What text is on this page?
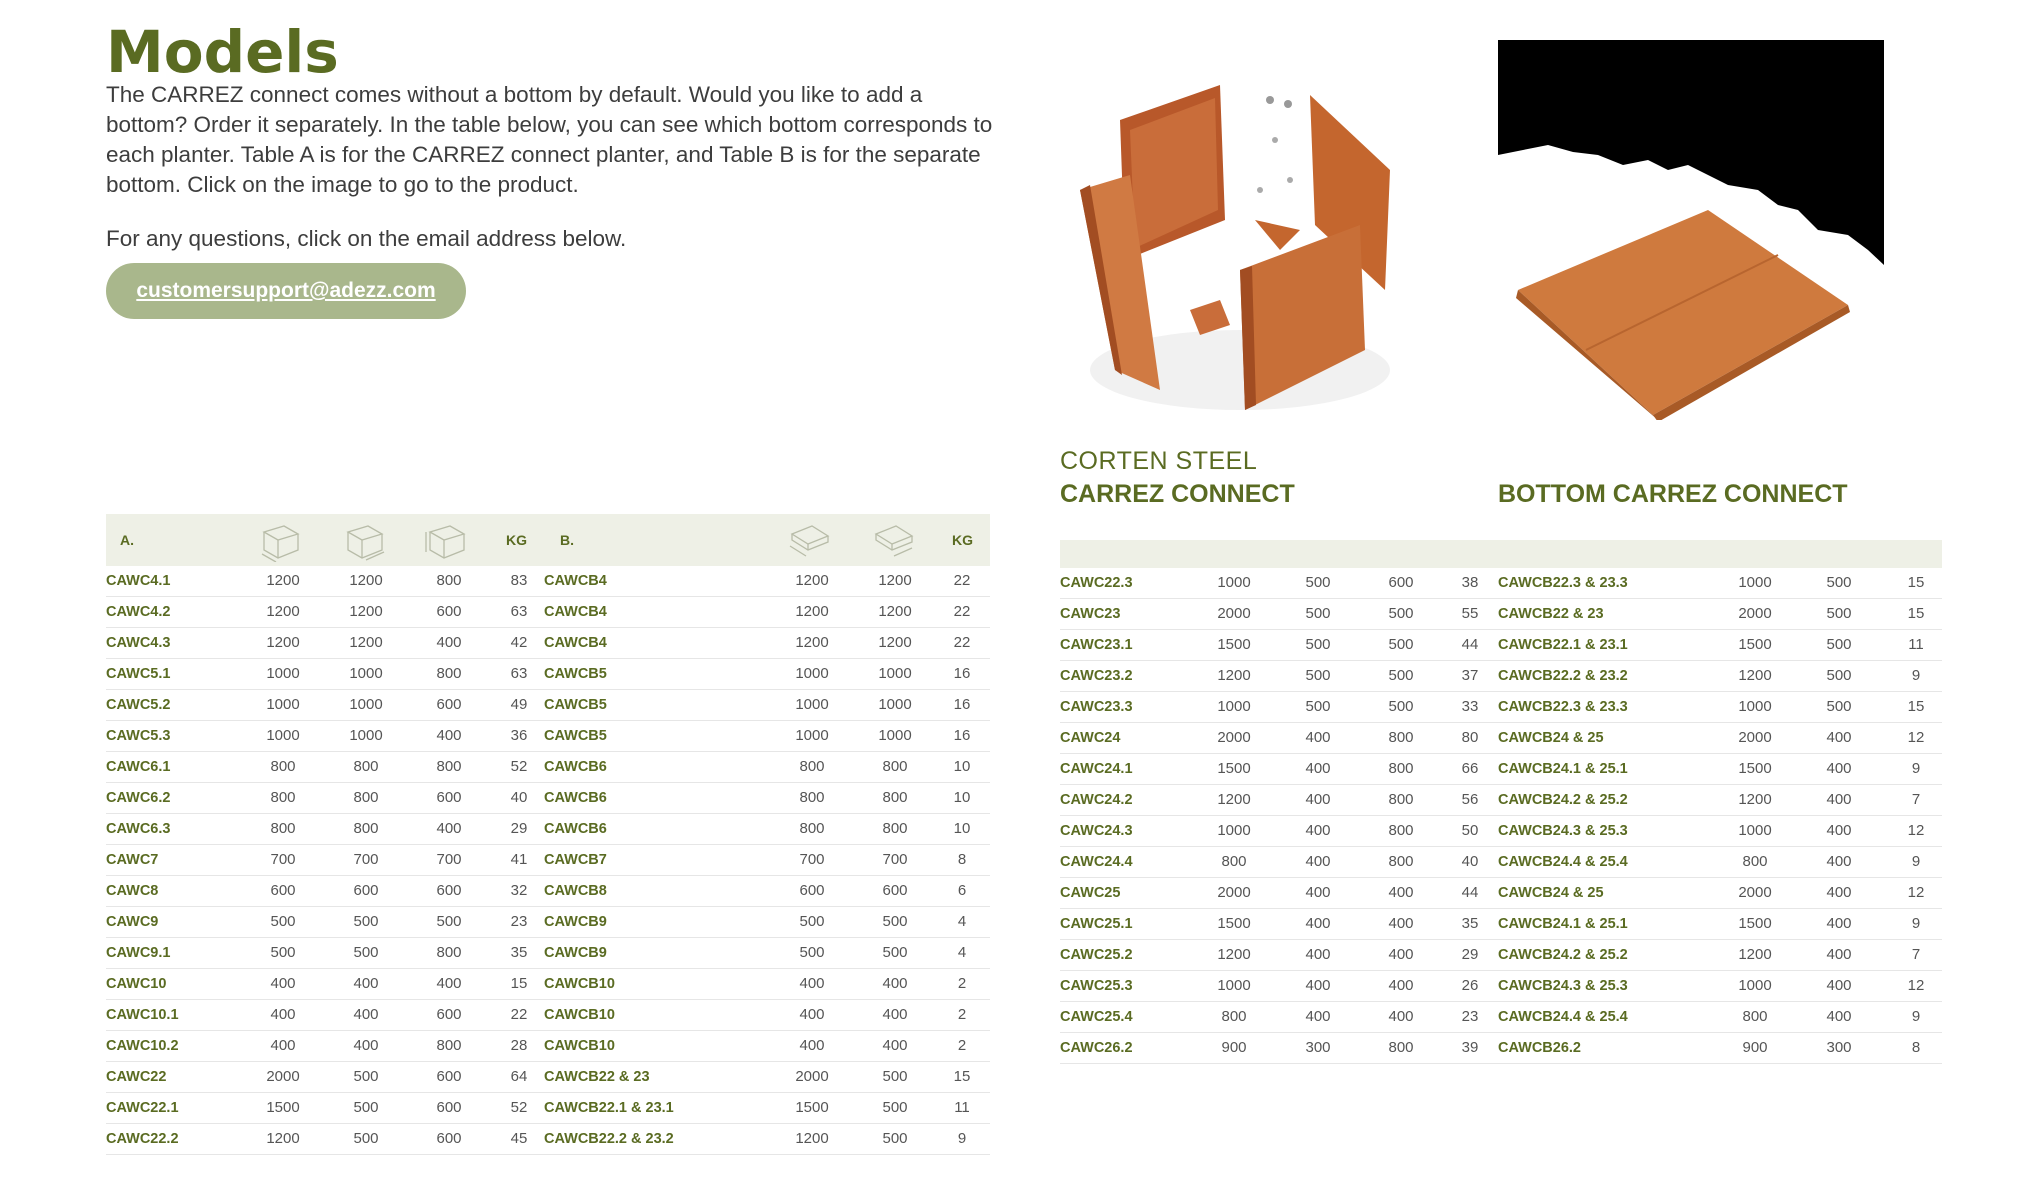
Models

The CARREZ connect comes without a bottom by default. Would you like to add a bottom? Order it separately. In the table below, you can see which bottom corresponds to each planter. Table A is for the CARREZ connect planter, and Table B is for the separate bottom. Click on the image to go to the product.

For any questions, click on the email address below.

customersupport@adezz.com
CORTEN STEEL
CARREZ CONNECT	BOTTOM CARREZ CONNECT
A.	KG B.	KG
CAWC4.1	1200	1200	800	83	CAWCB4	1200	1200	22
CAWC4.2	1200	1200	600	63	CAWCB4	1200	1200	22
CAWC4.3	1200	1200	400	42	CAWCB4	1200	1200	22
CAWC5.1	1000	1000	800	63	CAWCB5	1000	1000	16
CAWC5.2	1000	1000	600	49	CAWCB5	1000	1000	16
CAWC5.3	1000	1000	400	36	CAWCB5	1000	1000	16
CAWC6.1	800	800	800	52	CAWCB6	800	800	10
CAWC6.2	800	800	600	40	CAWCB6	800	800	10
CAWC6.3	800	800	400	29	CAWCB6	800	800	10
CAWC7	700	700	700	41	CAWCB7	700	700	8
CAWC8	600	600	600	32	CAWCB8	600	600	6
CAWC9	500	500	500	23	CAWCB9	500	500	4
CAWC9.1	500	500	800	35	CAWCB9	500	500	4
CAWC10	400	400	400	15	CAWCB10	400	400	2
CAWC10.1	400	400	600	22	CAWCB10	400	400	2
CAWC10.2	400	400	800	28	CAWCB10	400	400	2
CAWC22	2000	500	600	64	CAWCB22 & 23	2000	500	15
CAWC22.1	1500	500	600	52	CAWCB22.1 & 23.1	1500	500	11
CAWC22.2	1200	500	600	45	CAWCB22.2 & 23.2	1200	500	9
CAWC22.3	1000	500	600	38	CAWCB22.3 & 23.3	1000	500	15
CAWC23	2000	500	500	55	CAWCB22 & 23	2000	500	15
CAWC23.1	1500	500	500	44	CAWCB22.1 & 23.1	1500	500	11
CAWC23.2	1200	500	500	37	CAWCB22.2 & 23.2	1200	500	9
CAWC23.3	1000	500	500	33	CAWCB22.3 & 23.3	1000	500	15
CAWC24	2000	400	800	80	CAWCB24 & 25	2000	400	12
CAWC24.1	1500	400	800	66	CAWCB24.1 & 25.1	1500	400	9
CAWC24.2	1200	400	800	56	CAWCB24.2 & 25.2	1200	400	7
CAWC24.3	1000	400	800	50	CAWCB24.3 & 25.3	1000	400	12
CAWC24.4	800	400	800	40	CAWCB24.4 & 25.4	800	400	9
CAWC25	2000	400	400	44	CAWCB24 & 25	2000	400	12
CAWC25.1	1500	400	400	35	CAWCB24.1 & 25.1	1500	400	9
CAWC25.2	1200	400	400	29	CAWCB24.2 & 25.2	1200	400	7
CAWC25.3	1000	400	400	26	CAWCB24.3 & 25.3	1000	400	12
CAWC25.4	800	400	400	23	CAWCB24.4 & 25.4	800	400	9
CAWC26.2	900	300	800	39	CAWCB26.2	900	300	8
